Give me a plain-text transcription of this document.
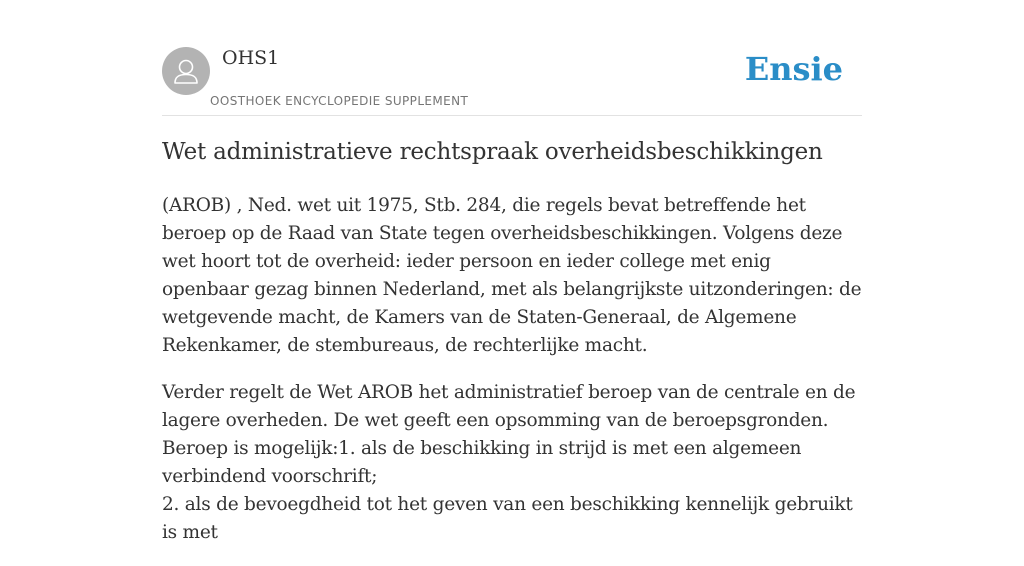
OHS1
OOSTHOEK ENCYCLOPEDIE SUPPLEMENT
Ensie
Wet administratieve rechtspraak overheidsbeschikkingen

(AROB) , Ned. wet uit 1975, Stb. 284, die regels bevat betreffende het beroep op de Raad van State tegen overheidsbeschikkingen. Volgens deze wet hoort tot de overheid: ieder persoon en ieder college met enig openbaar gezag binnen Nederland, met als belangrijkste uitzonderingen: de wetgevende macht, de Kamers van de Staten-Generaal, de Algemene Rekenkamer, de stembureaus, de rechterlijke macht.

Verder regelt de Wet AROB het administratief beroep van de centrale en de lagere overheden. De wet geeft een opsomming van de beroepsgronden. Beroep is mogelijk:1. als de beschikking in strijd is met een algemeen verbindend voorschrift;
2. als de bevoegdheid tot het geven van een beschikking kennelijk gebruikt is met
